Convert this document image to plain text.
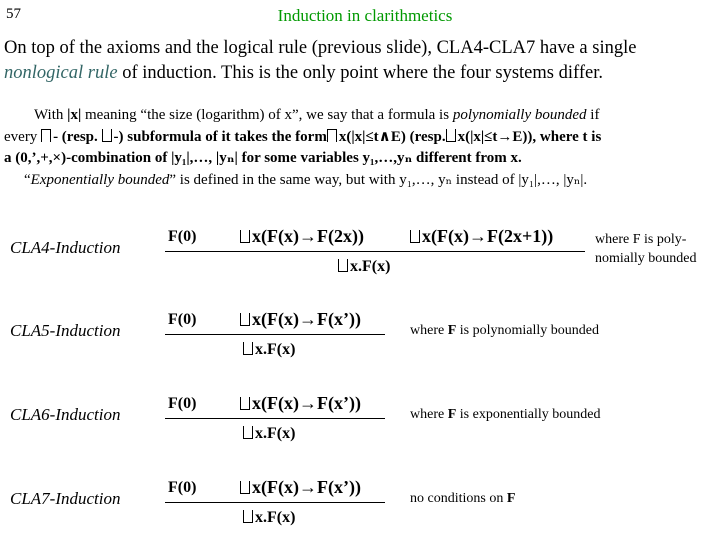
57	Induction in clarithmetics
On top of the axioms and the logical rule (previous slide), CLA4-CLA7 have a single
nonlogical rule of induction. This is the only point where the four systems differ.
With |x| meaning “the size (logarithm) of x”, we say that a formula is polynomially bounded if
every - (resp. -) subformula of it takes the form x(|x|≤t∧E) (resp. x(|x|≤t→E)), where t is
a (0,’,+,×)-combination of |y₁|,…, |yₙ| for some variables y₁,…,yₙ different from x.
“Exponentially bounded” is defined in the same way, but with y₁,…, yₙ instead of |y₁|,…, |yₙ|.
CLA4-Induction
F(0)	x(F(x)→F(2x))	x(F(x)→F(2x+1))
x.F(x)
where F is poly-
nomially bounded
CLA5-Induction
F(0)	x(F(x)→F(x’))
x.F(x)
where F is polynomially bounded
CLA6-Induction
F(0)	x(F(x)→F(x’))
x.F(x)
where F is exponentially bounded
CLA7-Induction
F(0)	x(F(x)→F(x’))
x.F(x)
no conditions on F
